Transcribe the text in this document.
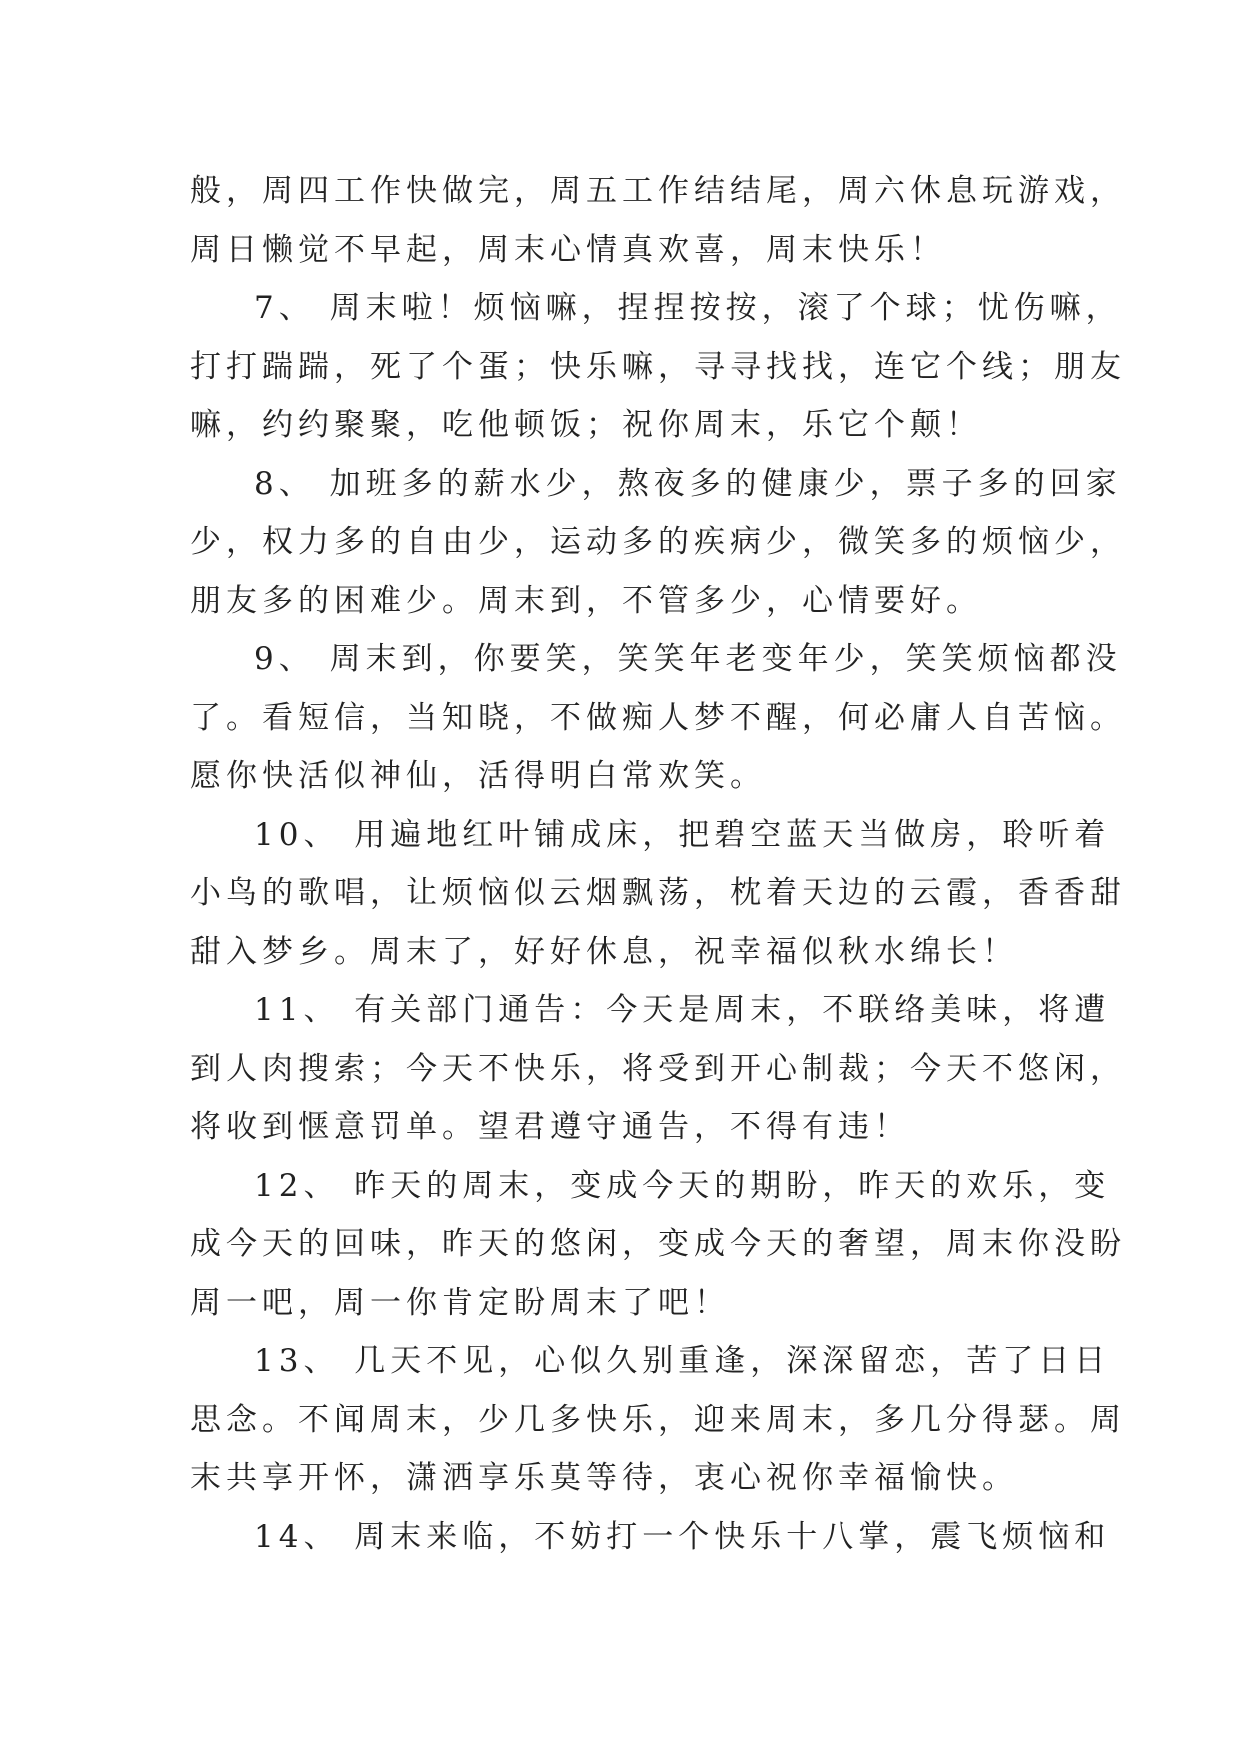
般，周四工作快做完，周五工作结结尾，周六休息玩游戏，
周日懒觉不早起，周末心情真欢喜，周末快乐！
7、 周末啦！烦恼嘛，捏捏按按，滚了个球；忧伤嘛，
打打踹踹，死了个蛋；快乐嘛，寻寻找找，连它个线；朋友
嘛，约约聚聚，吃他顿饭；祝你周末，乐它个颠！
8、 加班多的薪水少，熬夜多的健康少，票子多的回家
少，权力多的自由少，运动多的疾病少，微笑多的烦恼少，
朋友多的困难少。周末到，不管多少，心情要好。
9、 周末到，你要笑，笑笑年老变年少，笑笑烦恼都没
了。看短信，当知晓，不做痴人梦不醒，何必庸人自苦恼。
愿你快活似神仙，活得明白常欢笑。
10、 用遍地红叶铺成床，把碧空蓝天当做房，聆听着
小鸟的歌唱，让烦恼似云烟飘荡，枕着天边的云霞，香香甜
甜入梦乡。周末了，好好休息，祝幸福似秋水绵长！
11、 有关部门通告：今天是周末，不联络美味，将遭
到人肉搜索；今天不快乐，将受到开心制裁；今天不悠闲，
将收到惬意罚单。望君遵守通告，不得有违！
12、 昨天的周末，变成今天的期盼，昨天的欢乐，变
成今天的回味，昨天的悠闲，变成今天的奢望，周末你没盼
周一吧，周一你肯定盼周末了吧！
13、 几天不见，心似久别重逢，深深留恋，苦了日日
思念。不闻周末，少几多快乐，迎来周末，多几分得瑟。周
末共享开怀，潇洒享乐莫等待，衷心祝你幸福愉快。
14、 周末来临，不妨打一个快乐十八掌，震飞烦恼和
